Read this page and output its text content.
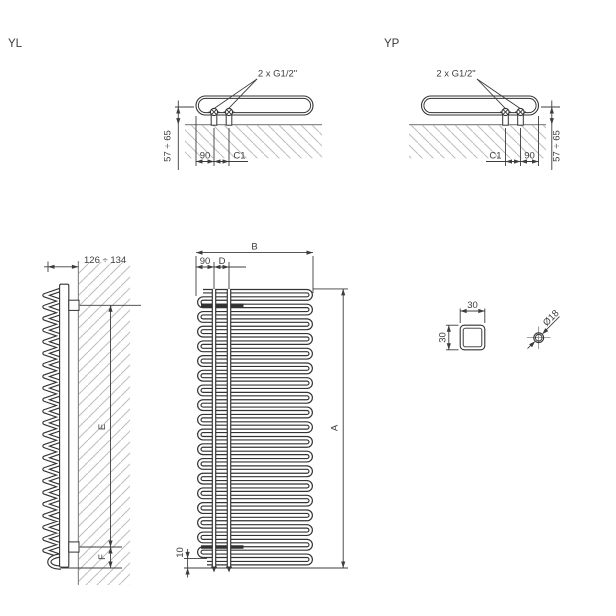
YL
2 x G1/2"
90 C1
57 ÷ 65
YP
2 x G1/2"
90
C1	57 ÷ 65
126 ÷ 134
E
F
B
90 D
A
10
30
30
Ø18
